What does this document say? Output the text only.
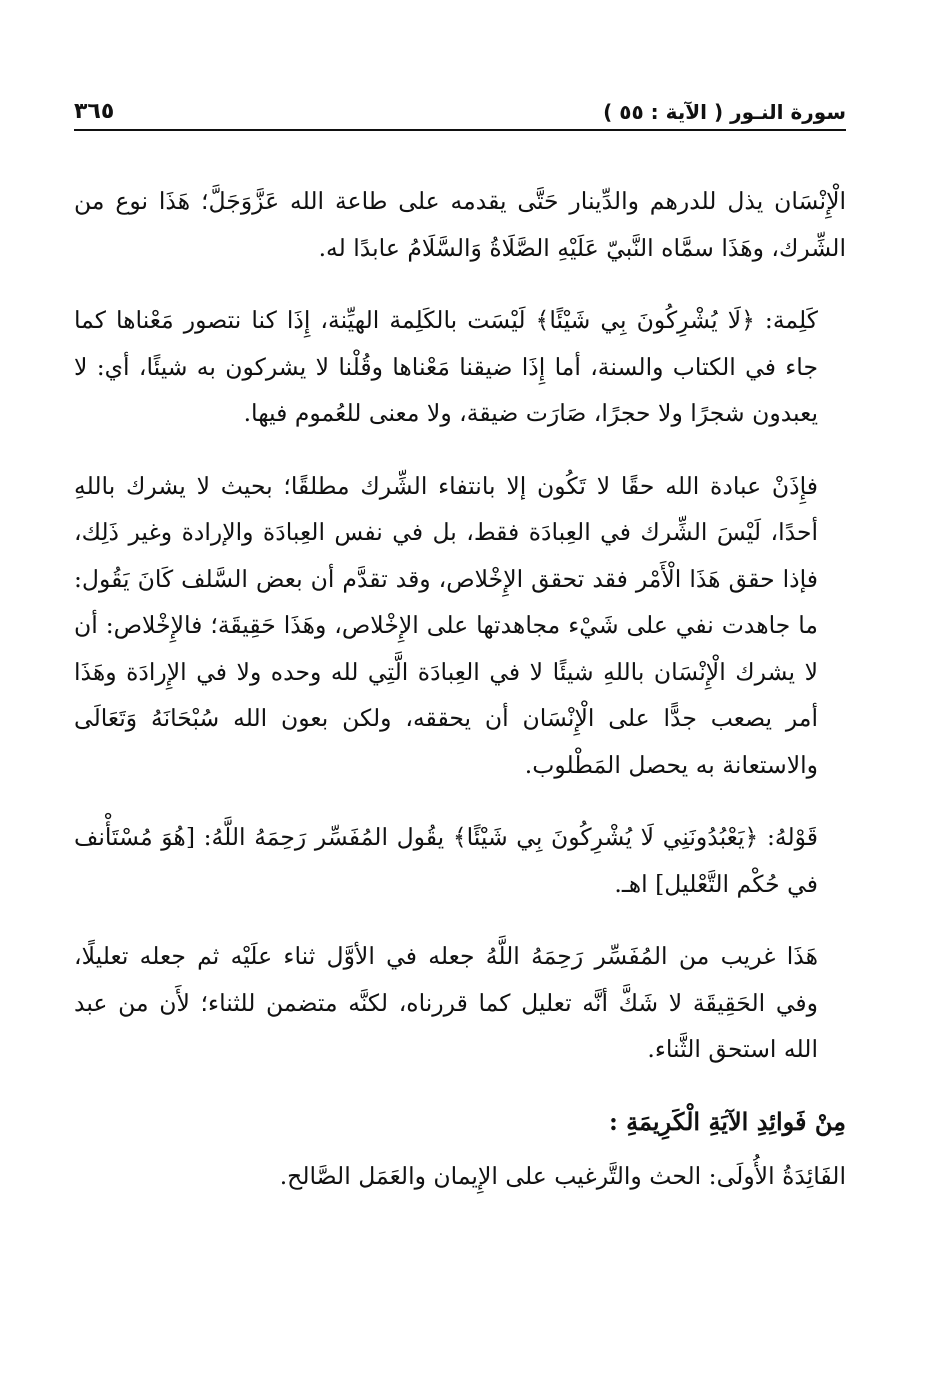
سورة النـور ( الآية : ٥٥ )
٣٦٥

الْإِنْسَان يذل للدرهم والدِّينار حَتَّى يقدمه على طاعة الله عَزَّوَجَلَّ؛ هَذَا نوع من الشِّرك، وهَذَا سمَّاه النَّبيّ عَلَيْهِ الصَّلَاةُ وَالسَّلَامُ عابدًا له.

كَلِمة: ﴿لَا يُشْرِكُونَ بِي شَيْئًا﴾ لَيْسَت بالكَلِمة الهيِّنة، إِذَا كنا نتصور مَعْناها كما جاء في الكتاب والسنة، أما إِذَا ضيقنا مَعْناها وقُلْنا لا يشركون به شيئًا، أي: لا يعبدون شجرًا ولا حجرًا، صَارَت ضيقة، ولا معنى للعُموم فيها.

فإِذَنْ عبادة الله حقًا لا تَكُون إلا بانتفاء الشِّرك مطلقًا؛ بحيث لا يشرك باللهِ أحدًا، لَيْسَ الشِّرك في العِبادَة فقط، بل في نفس العِبادَة والإرادة وغير ذَلِك، فإذا حقق هَذَا الْأَمْر فقد تحقق الإِخْلاص، وقد تقدَّم أن بعض السَّلف كَانَ يَقُول: ما جاهدت نفي على شَيْء مجاهدتها على الإِخْلاص، وهَذَا حَقِيقَة؛ فالإِخْلاص: أن لا يشرك الْإِنْسَان باللهِ شيئًا لا في العِبادَة الَّتِي لله وحده ولا في الإِرادَة وهَذَا أمر يصعب جدًّا على الْإِنْسَان أن يحققه، ولكن بعون الله سُبْحَانَهُ وَتَعَالَى والاستعانة به يحصل المَطْلوب.

قَوْلهُ: ﴿يَعْبُدُونَنِي لَا يُشْرِكُونَ بِي شَيْئًا﴾ يقُول المُفَسِّر رَحِمَهُ اللَّهُ: [هُوَ مُسْتَأْنف في حُكْم التَّعْليل] اهـ.

هَذَا غريب من المُفَسِّر رَحِمَهُ اللَّهُ جعله في الأوَّل ثناء علَيْه ثم جعله تعليلًا، وفي الحَقِيقَة لا شَكَّ أنَّه تعليل كما قررناه، لكنَّه متضمن للثناء؛ لأَن من عبد الله استحق الثَّناء.

مِنْ فَوائِدِ الآيَةِ الْكَرِيمَةِ :

الفَائِدَةُ الأُولَى: الحث والتَّرغيب على الإِيمان والعَمَل الصَّالح.
